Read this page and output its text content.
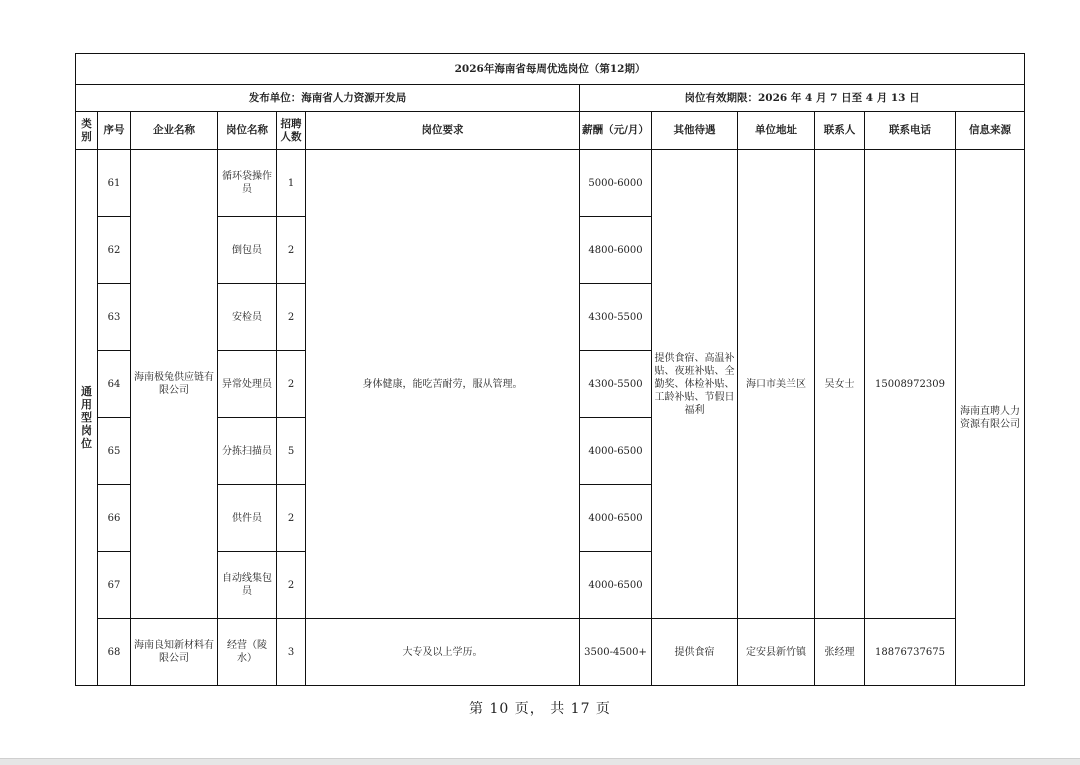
2026年海南省每周优选岗位（第12期）											
发布单位：海南省人力资源开发局						岗位有效期限：2026 年 4 月 7 日至 4 月 13 日					
类别	序号	企业名称	岗位名称	招聘人数	岗位要求	薪酬（元/月）	其他待遇	单位地址	联系人	联系电话	信息来源
通用型岗位	61	海南极兔供应链有限公司	循环袋操作员	1	身体健康，能吃苦耐劳，服从管理。	5000-6000	提供食宿、高温补贴、夜班补贴、全勤奖、体检补贴、工龄补贴、节假日福利	海口市美兰区	吴女士	15008972309	海南直聘人力资源有限公司
	62		倒包员	2		4800-6000					
	63		安检员	2		4300-5500					
	64		异常处理员	2		4300-5500					
	65		分拣扫描员	5		4000-6500					
	66		供件员	2		4000-6500					
	67		自动线集包员	2		4000-6500					
	68	海南良知新材料有限公司	经营（陵水）	3	大专及以上学历。	3500-4500+	提供食宿	定安县新竹镇	张经理	18876737675	
第 10 页， 共 17 页
